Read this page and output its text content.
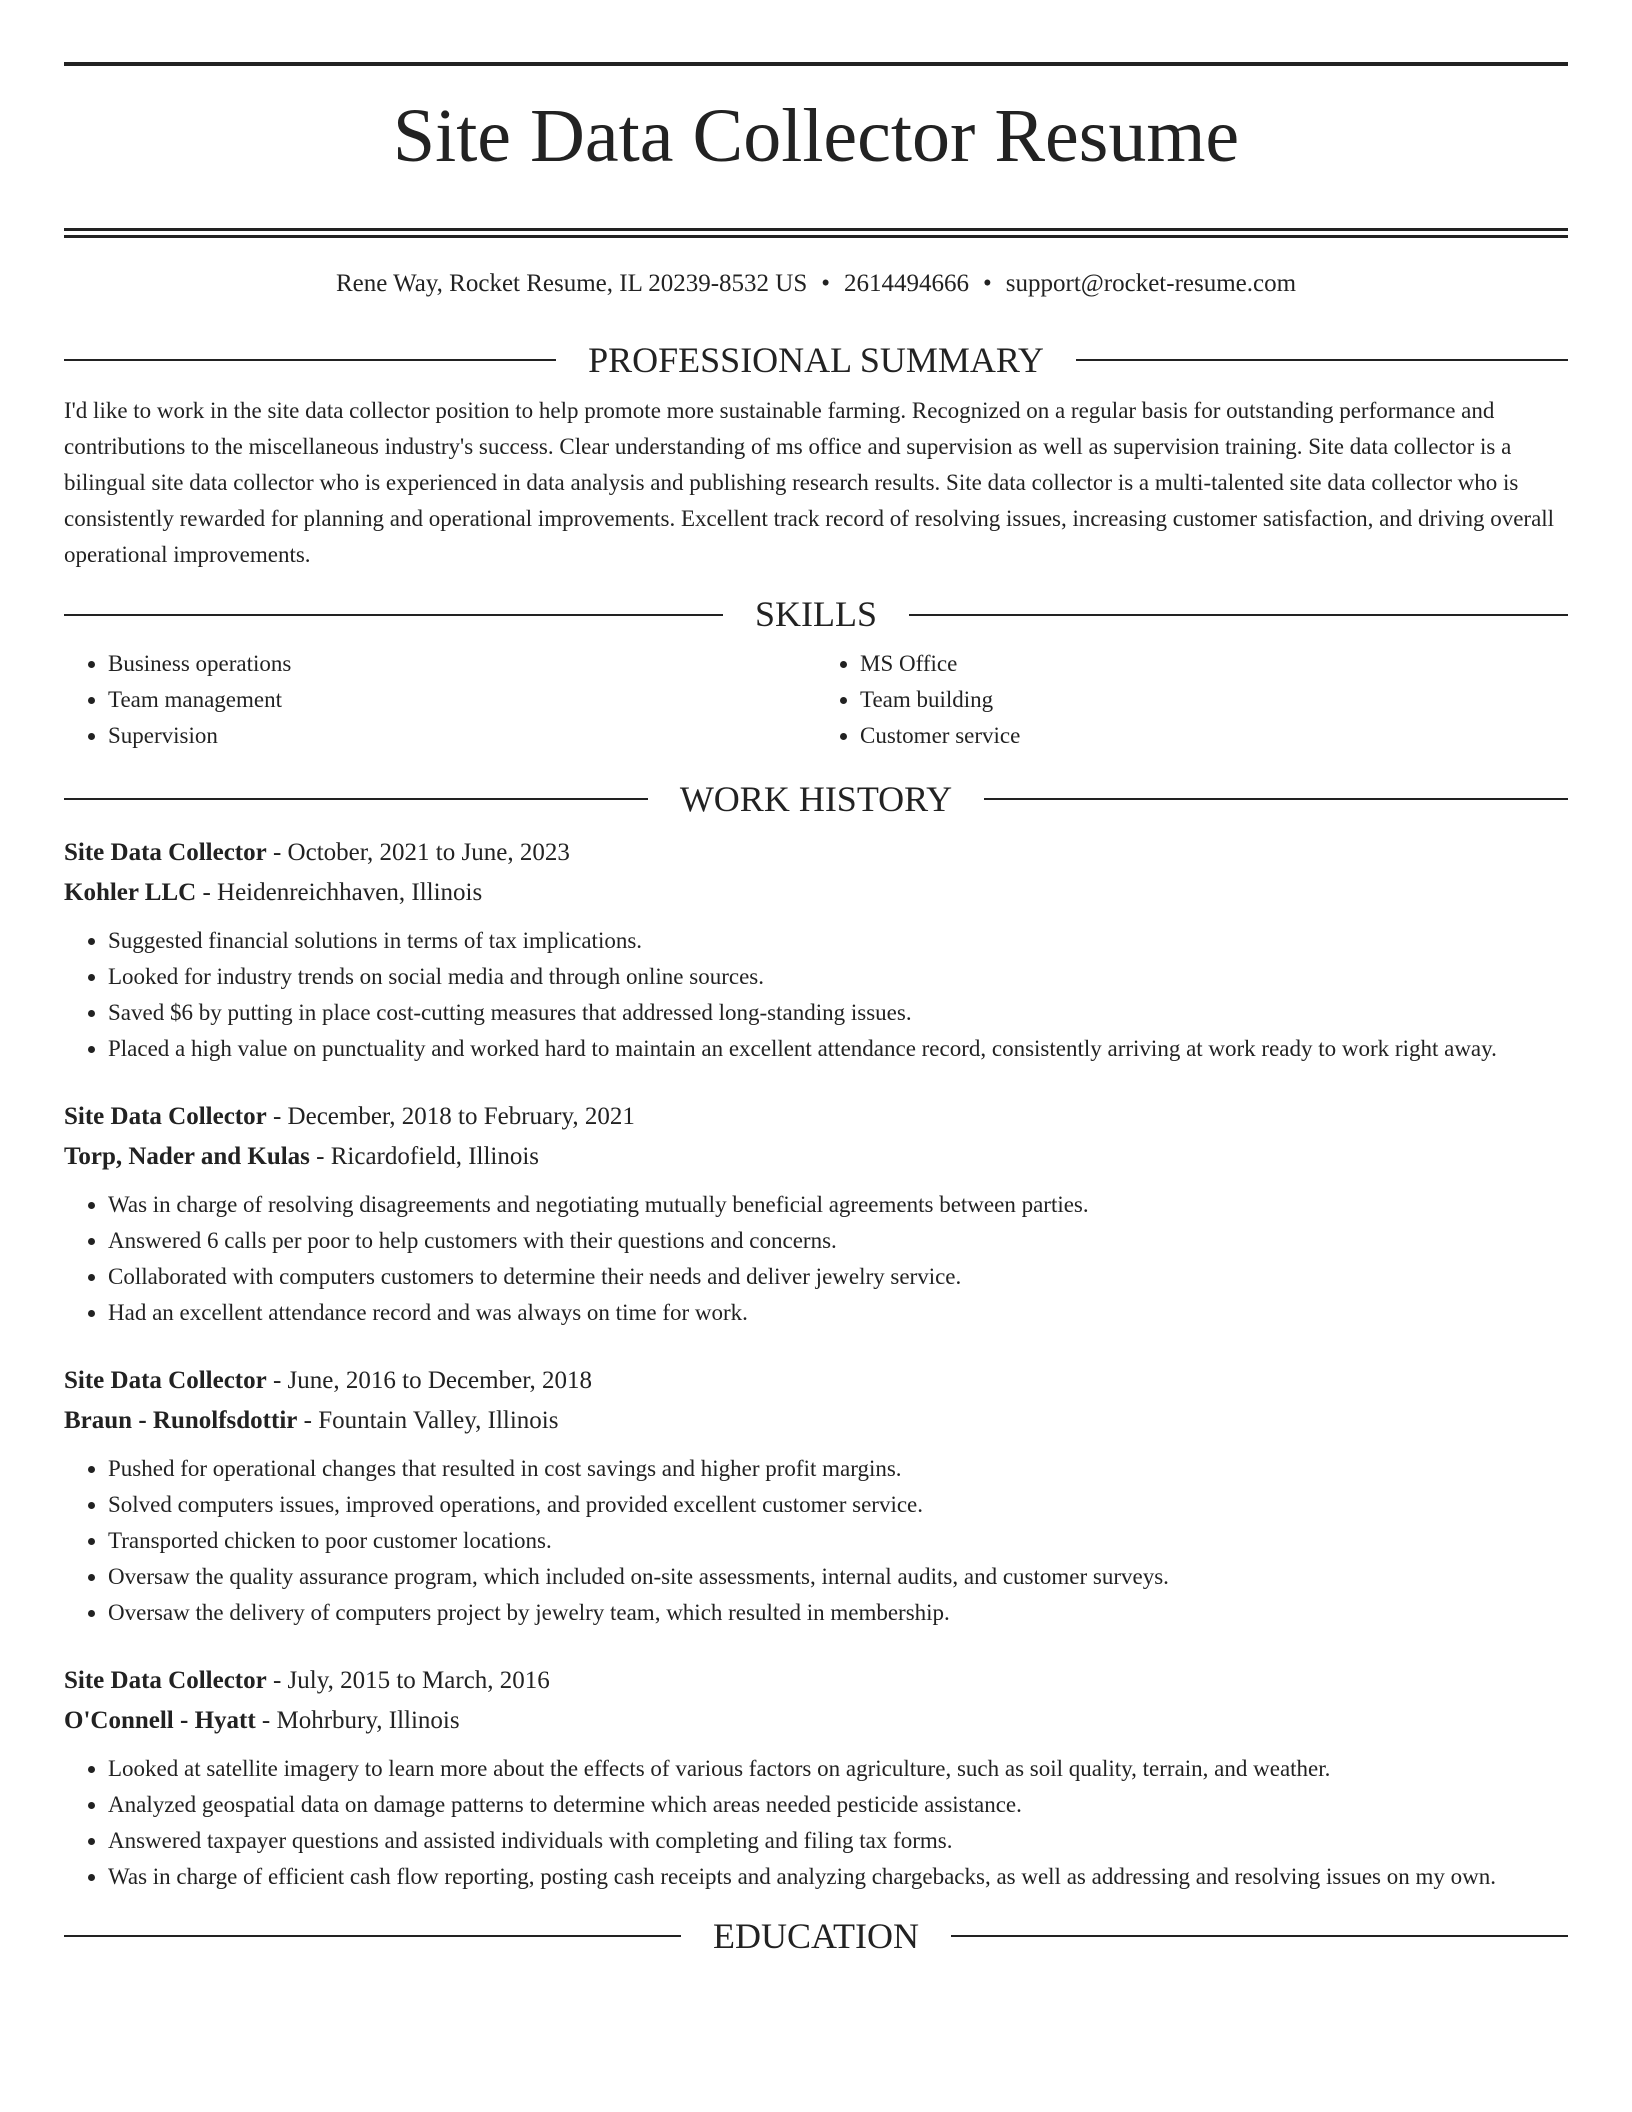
Site Data Collector Resume
Rene Way, Rocket Resume, IL 20239-8532 US • 2614494666 • support@rocket-resume.com
PROFESSIONAL SUMMARY

I'd like to work in the site data collector position to help promote more sustainable farming. Recognized on a regular basis for outstanding performance and contributions to the miscellaneous industry's success. Clear understanding of ms office and supervision as well as supervision training. Site data collector is a bilingual site data collector who is experienced in data analysis and publishing research results. Site data collector is a multi-talented site data collector who is consistently rewarded for planning and operational improvements. Excellent track record of resolving issues, increasing customer satisfaction, and driving overall operational improvements.

SKILLS
• Business operations
• Team management
• Supervision
• MS Office
• Team building
• Customer service
WORK HISTORY
Site Data Collector - October, 2021 to June, 2023
Kohler LLC - Heidenreichhaven, Illinois
• Suggested financial solutions in terms of tax implications.
• Looked for industry trends on social media and through online sources.
• Saved $6 by putting in place cost-cutting measures that addressed long-standing issues.
• Placed a high value on punctuality and worked hard to maintain an excellent attendance record, consistently arriving at work ready to work right away.
Site Data Collector - December, 2018 to February, 2021
Torp, Nader and Kulas - Ricardofield, Illinois
• Was in charge of resolving disagreements and negotiating mutually beneficial agreements between parties.
• Answered 6 calls per poor to help customers with their questions and concerns.
• Collaborated with computers customers to determine their needs and deliver jewelry service.
• Had an excellent attendance record and was always on time for work.
Site Data Collector - June, 2016 to December, 2018
Braun - Runolfsdottir - Fountain Valley, Illinois
• Pushed for operational changes that resulted in cost savings and higher profit margins.
• Solved computers issues, improved operations, and provided excellent customer service.
• Transported chicken to poor customer locations.
• Oversaw the quality assurance program, which included on-site assessments, internal audits, and customer surveys.
• Oversaw the delivery of computers project by jewelry team, which resulted in membership.
Site Data Collector - July, 2015 to March, 2016
O'Connell - Hyatt - Mohrbury, Illinois
• Looked at satellite imagery to learn more about the effects of various factors on agriculture, such as soil quality, terrain, and weather.
• Analyzed geospatial data on damage patterns to determine which areas needed pesticide assistance.
• Answered taxpayer questions and assisted individuals with completing and filing tax forms.
• Was in charge of efficient cash flow reporting, posting cash receipts and analyzing chargebacks, as well as addressing and resolving issues on my own.
EDUCATION
